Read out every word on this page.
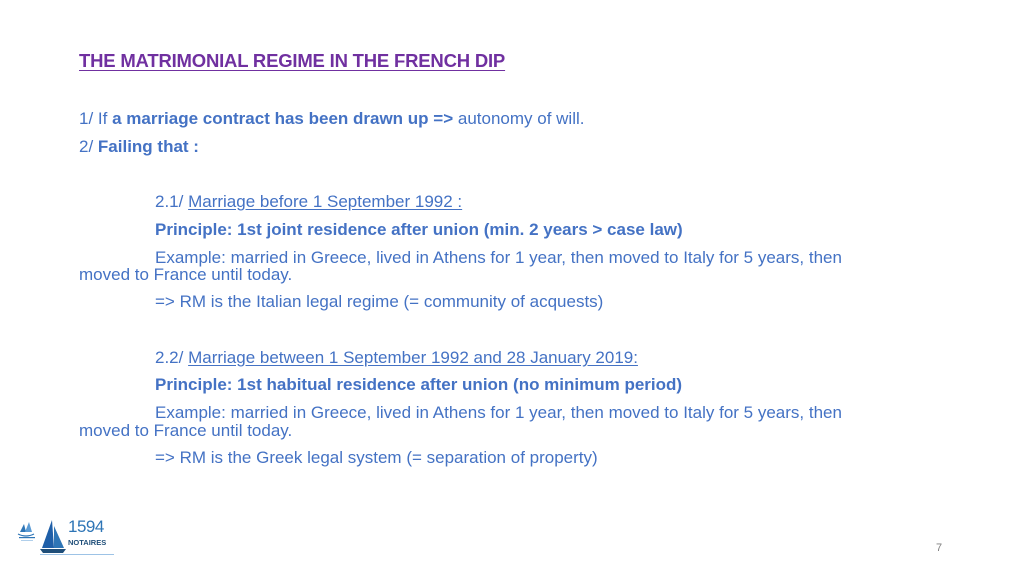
THE MATRIMONIAL REGIME IN THE FRENCH DIP
1/ If a marriage contract has been drawn up => autonomy of will.
2/ Failing that :
2.1/ Marriage before 1 September 1992 :
Principle: 1st joint residence after union (min. 2 years > case law)
Example: married in Greece, lived in Athens for 1 year, then moved to Italy for 5 years, then
moved to France until today.
=> RM is the Italian legal regime (= community of acquests)
2.2/ Marriage between 1 September 1992 and 28 January 2019:
Principle: 1st habitual residence after union (no minimum period)
Example: married in Greece, lived in Athens for 1 year, then moved to Italy for 5 years, then
moved to France until today.
=> RM is the Greek legal system (= separation of property)
1594
NOTAIRES	7
